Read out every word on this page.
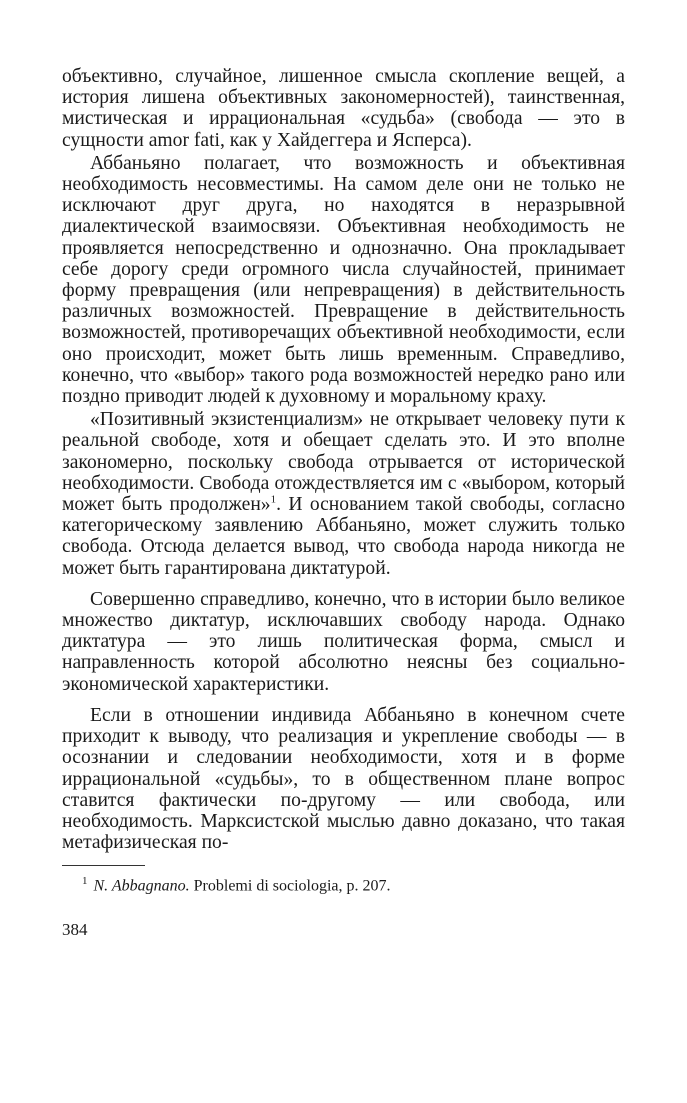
объективно, случайное, лишенное смысла скопление вещей, а история лишена объективных закономерностей), таинственная, мистическая и иррациональная «судьба» (свобода — это в сущности amor fati, как у Хайдеггера и Ясперса).

Аббаньяно полагает, что возможность и объективная необходимость несовместимы. На самом деле они не только не исключают друг друга, но находятся в неразрывной диалектической взаимосвязи. Объективная необходимость не проявляется непосредственно и однозначно. Она прокладывает себе дорогу среди огромного числа случайностей, принимает форму превращения (или непревращения) в действительность различных возможностей. Превращение в действительность возможностей, противоречащих объективной необходимости, если оно происходит, может быть лишь временным. Справедливо, конечно, что «выбор» такого рода возможностей нередко рано или поздно приводит людей к духовному и моральному краху.

«Позитивный экзистенциализм» не открывает человеку пути к реальной свободе, хотя и обещает сделать это. И это вполне закономерно, поскольку свобода отрывается от исторической необходимости. Свобода отождествляется им с «выбором, который может быть продолжен»$^1$. И основанием такой свободы, согласно категорическому заявлению Аббаньяно, может служить только свобода. Отсюда делается вывод, что свобода народа никогда не может быть гарантирована диктатурой.

Совершенно справедливо, конечно, что в истории было великое множество диктатур, исключавших свободу народа. Однако диктатура — это лишь политическая форма, смысл и направленность которой абсолютно неясны без социально-экономической характеристики.

Если в отношении индивида Аббаньяно в конечном счете приходит к выводу, что реализация и укрепление свободы — в осознании и следовании необходимости, хотя и в форме иррациональной «судьбы», то в общественном плане вопрос ставится фактически по-другому — или свобода, или необходимость. Марксистской мыслью давно доказано, что такая метафизическая по-

$^1$ N. Abbagnano. Problemi di sociologia, p. 207.
384
